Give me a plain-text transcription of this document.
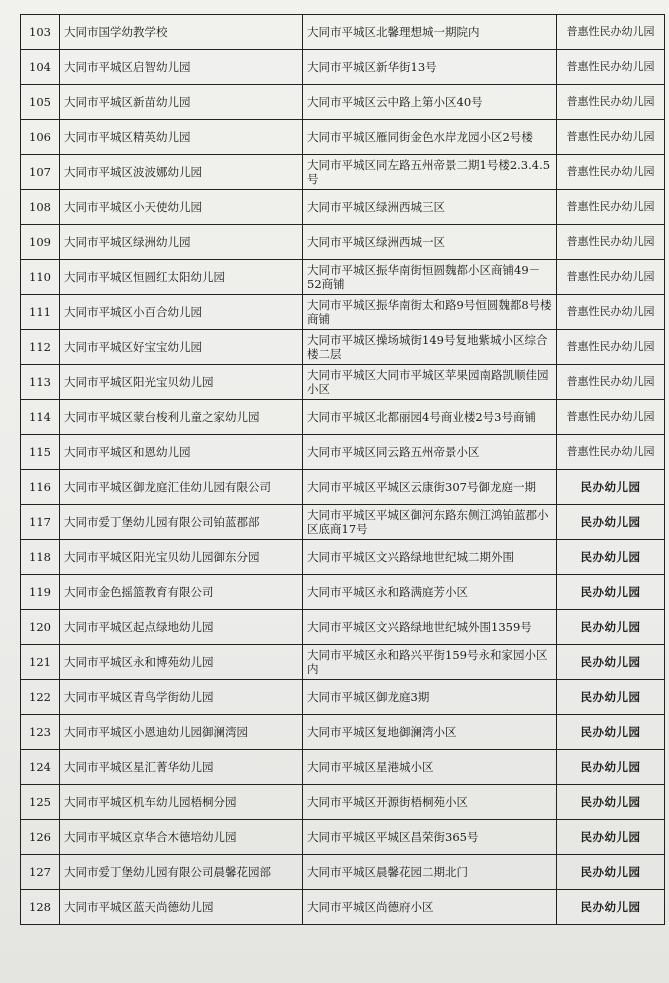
103	大同市国学幼教学校	大同市平城区北馨理想城一期院内	普惠性民办幼儿园
104	大同市平城区启智幼儿园	大同市平城区新华街13号	普惠性民办幼儿园
105	大同市平城区新苗幼儿园	大同市平城区云中路上第小区40号	普惠性民办幼儿园
106	大同市平城区精英幼儿园	大同市平城区雁同街金色水岸龙园小区2号楼	普惠性民办幼儿园
107	大同市平城区波波娜幼儿园	大同市平城区同左路五州帝景二期1号楼2.3.4.5号	普惠性民办幼儿园
108	大同市平城区小天使幼儿园	大同市平城区绿洲西城三区	普惠性民办幼儿园
109	大同市平城区绿洲幼儿园	大同市平城区绿洲西城一区	普惠性民办幼儿园
110	大同市平城区恒圆红太阳幼儿园	大同市平城区振华南街恒圆魏都小区商铺49－52商铺	普惠性民办幼儿园
111	大同市平城区小百合幼儿园	大同市平城区振华南街太和路9号恒圆魏都8号楼商铺	普惠性民办幼儿园
112	大同市平城区好宝宝幼儿园	大同市平城区操场城街149号复地紫城小区综合楼二层	普惠性民办幼儿园
113	大同市平城区阳光宝贝幼儿园	大同市平城区大同市平城区苹果园南路凯顺佳园小区	普惠性民办幼儿园
114	大同市平城区蒙台梭利儿童之家幼儿园	大同市平城区北都丽园4号商业楼2号3号商铺	普惠性民办幼儿园
115	大同市平城区和恩幼儿园	大同市平城区同云路五州帝景小区	普惠性民办幼儿园
116	大同市平城区御龙庭汇佳幼儿园有限公司	大同市平城区平城区云康街307号御龙庭一期	民办幼儿园
117	大同市爱丁堡幼儿园有限公司铂蓝郡部	大同市平城区平城区御河东路东侧江鸿铂蓝郡小区底商17号	民办幼儿园
118	大同市平城区阳光宝贝幼儿园御东分园	大同市平城区文兴路绿地世纪城二期外围	民办幼儿园
119	大同市金色摇篮教育有限公司	大同市平城区永和路满庭芳小区	民办幼儿园
120	大同市平城区起点绿地幼儿园	大同市平城区文兴路绿地世纪城外围1359号	民办幼儿园
121	大同市平城区永和博苑幼儿园	大同市平城区永和路兴平街159号永和家园小区内	民办幼儿园
122	大同市平城区青鸟学街幼儿园	大同市平城区御龙庭3期	民办幼儿园
123	大同市平城区小恩迪幼儿园御澜湾园	大同市平城区复地御澜湾小区	民办幼儿园
124	大同市平城区星汇菁华幼儿园	大同市平城区星港城小区	民办幼儿园
125	大同市平城区机车幼儿园梧桐分园	大同市平城区开源街梧桐苑小区	民办幼儿园
126	大同市平城区京华合木德培幼儿园	大同市平城区平城区昌荣街365号	民办幼儿园
127	大同市爱丁堡幼儿园有限公司晨馨花园部	大同市平城区晨馨花园二期北门	民办幼儿园
128	大同市平城区蓝天尚德幼儿园	大同市平城区尚德府小区	民办幼儿园
